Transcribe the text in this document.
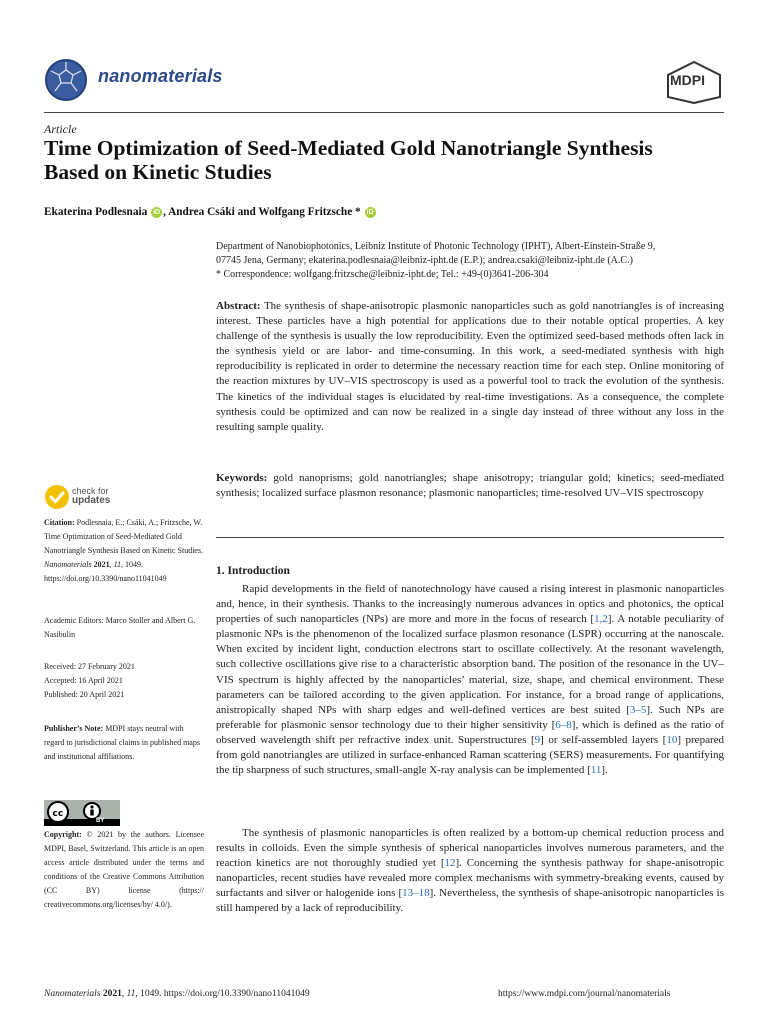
nanomaterials	MDPI
Article
Time Optimization of Seed-Mediated Gold Nanotriangle Synthesis Based on Kinetic Studies
Ekaterina Podlesnaia iD , Andrea Csáki and Wolfgang Fritzsche * iD
Department of Nanobiophotonics, Leibniz Institute of Photonic Technology (IPHT), Albert-Einstein-Straße 9,
07745 Jena, Germany; ekaterina.podlesnaia@leibniz-ipht.de (E.P.); andrea.csaki@leibniz-ipht.de (A.C.)
* Correspondence: wolfgang.fritzsche@leibniz-ipht.de; Tel.: +49-(0)3641-206-304
Abstract: The synthesis of shape-anisotropic plasmonic nanoparticles such as gold nanotriangles is of increasing interest. These particles have a high potential for applications due to their notable optical properties. A key challenge of the synthesis is usually the low reproducibility. Even the optimized seed-based methods often lack in the synthesis yield or are labor- and time-consuming. In this work, a seed-mediated synthesis with high reproducibility is replicated in order to determine the necessary reaction time for each step. Online monitoring of the reaction mixtures by UV–VIS spectroscopy is used as a powerful tool to track the evolution of the synthesis. The kinetics of the individual stages is elucidated by real-time investigations. As a consequence, the complete synthesis could be optimized and can now be realized in a single day instead of three without any loss in the resulting sample quality.
Keywords: gold nanoprisms; gold nanotriangles; shape anisotropy; triangular gold; kinetics; seed-mediated synthesis; localized surface plasmon resonance; plasmonic nanoparticles; time-resolved UV–VIS spectroscopy
check for
updates
Citation: Podlesnaia, E.; Csáki, A.; Fritzsche, W. Time Optimization of Seed-Mediated Gold Nanotriangle Synthesis Based on Kinetic Studies. Nanomaterials 2021, 11, 1049. https://doi.org/10.3390/nano11041049
Academic Editors: Marco Stoller and Albert G. Nasibulin
Received: 27 February 2021
Accepted: 16 April 2021
Published: 20 April 2021
Publisher’s Note: MDPI stays neutral with regard to jurisdictional claims in published maps and institutional affiliations.
cc
BY
Copyright: © 2021 by the authors. Licensee MDPI, Basel, Switzerland. This article is an open access article distributed under the terms and conditions of the Creative Commons Attribution (CC BY) license (https:// creativecommons.org/licenses/by/ 4.0/).
1. Introduction
Rapid developments in the field of nanotechnology have caused a rising interest in plasmonic nanoparticles and, hence, in their synthesis. Thanks to the increasingly numerous advances in optics and photonics, the optical properties of such nanoparticles (NPs) are more and more in the focus of research [1,2]. A notable peculiarity of plasmonic NPs is the phenomenon of the localized surface plasmon resonance (LSPR) occurring at the nanoscale. When excited by incident light, conduction electrons start to oscillate collectively. At the resonant wavelength, such collective oscillations give rise to a characteristic absorption band. The position of the resonance in the UV–VIS spectrum is highly affected by the nanoparticles’ material, size, shape, and chemical environment. These parameters can be tailored according to the given application. For instance, for a broad range of applications, anistropically shaped NPs with sharp edges and well-defined vertices are best suited [3–5]. Such NPs are preferable for plasmonic sensor technology due to their higher sensitivity [6–8], which is defined as the ratio of observed wavelength shift per refractive index unit. Superstructures [9] or self-assembled layers [10] prepared from gold nanotriangles are utilized in surface-enhanced Raman scattering (SERS) measurements. For quantifying the tip sharpness of such structures, small-angle X-ray analysis can be implemented [11].
The synthesis of plasmonic nanoparticles is often realized by a bottom-up chemical reduction process and results in colloids. Even the simple synthesis of spherical nanoparticles involves numerous parameters, and the reaction kinetics are not thoroughly studied yet [12]. Concerning the synthesis pathway for shape-anisotropic nanoparticles, recent studies have revealed more complex mechanisms with symmetry-breaking events, caused by surfactants and silver or halogenide ions [13–18]. Nevertheless, the synthesis of shape-anisotropic nanoparticles is still hampered by a lack of reproducibility.
Nanomaterials 2021, 11, 1049. https://doi.org/10.3390/nano11041049	https://www.mdpi.com/journal/nanomaterials
